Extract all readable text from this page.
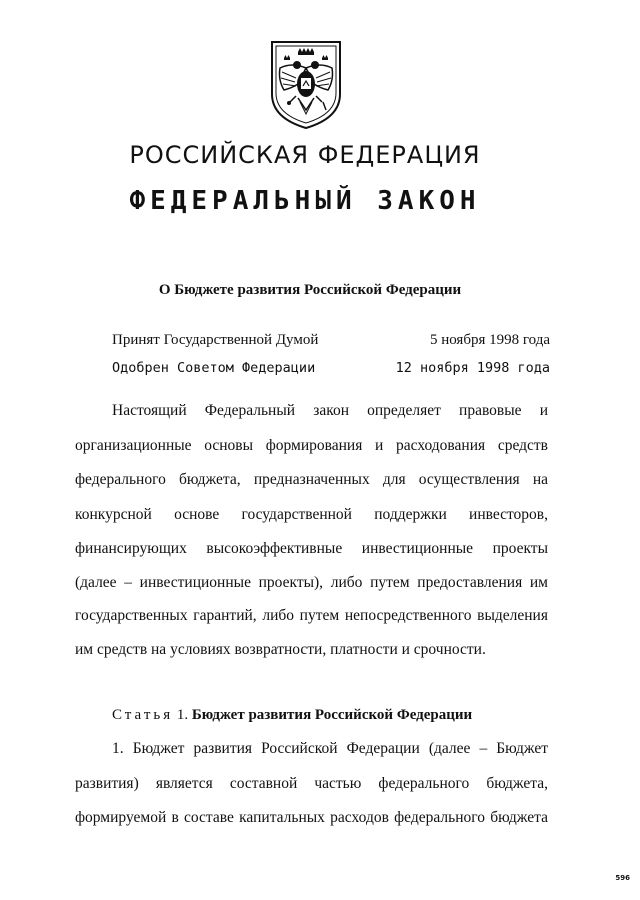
РОССИЙСКАЯ ФЕДЕРАЦИЯ
ФЕДЕРАЛЬНЫЙ ЗАКОН
О Бюджете развития Российской Федерации
Принят Государственной Думой	5 ноября 1998 года
Одобрен Советом Федерации	12 ноября 1998 года
Настоящий Федеральный закон определяет правовые и
организационные основы формирования и расходования средств
федерального бюджета, предназначенных для осуществления на
конкурсной основе государственной поддержки инвесторов,
финансирующих высокоэффективные инвестиционные проекты
(далее – инвестиционные проекты), либо путем предоставления им
государственных гарантий, либо путем непосредственного выделения
им средств на условиях возвратности, платности и срочности.
Статья 1. Бюджет развития Российской Федерации
1. Бюджет развития Российской Федерации (далее – Бюджет
развития) является составной частью федерального бюджета,
формируемой в составе капитальных расходов федерального бюджета
596
